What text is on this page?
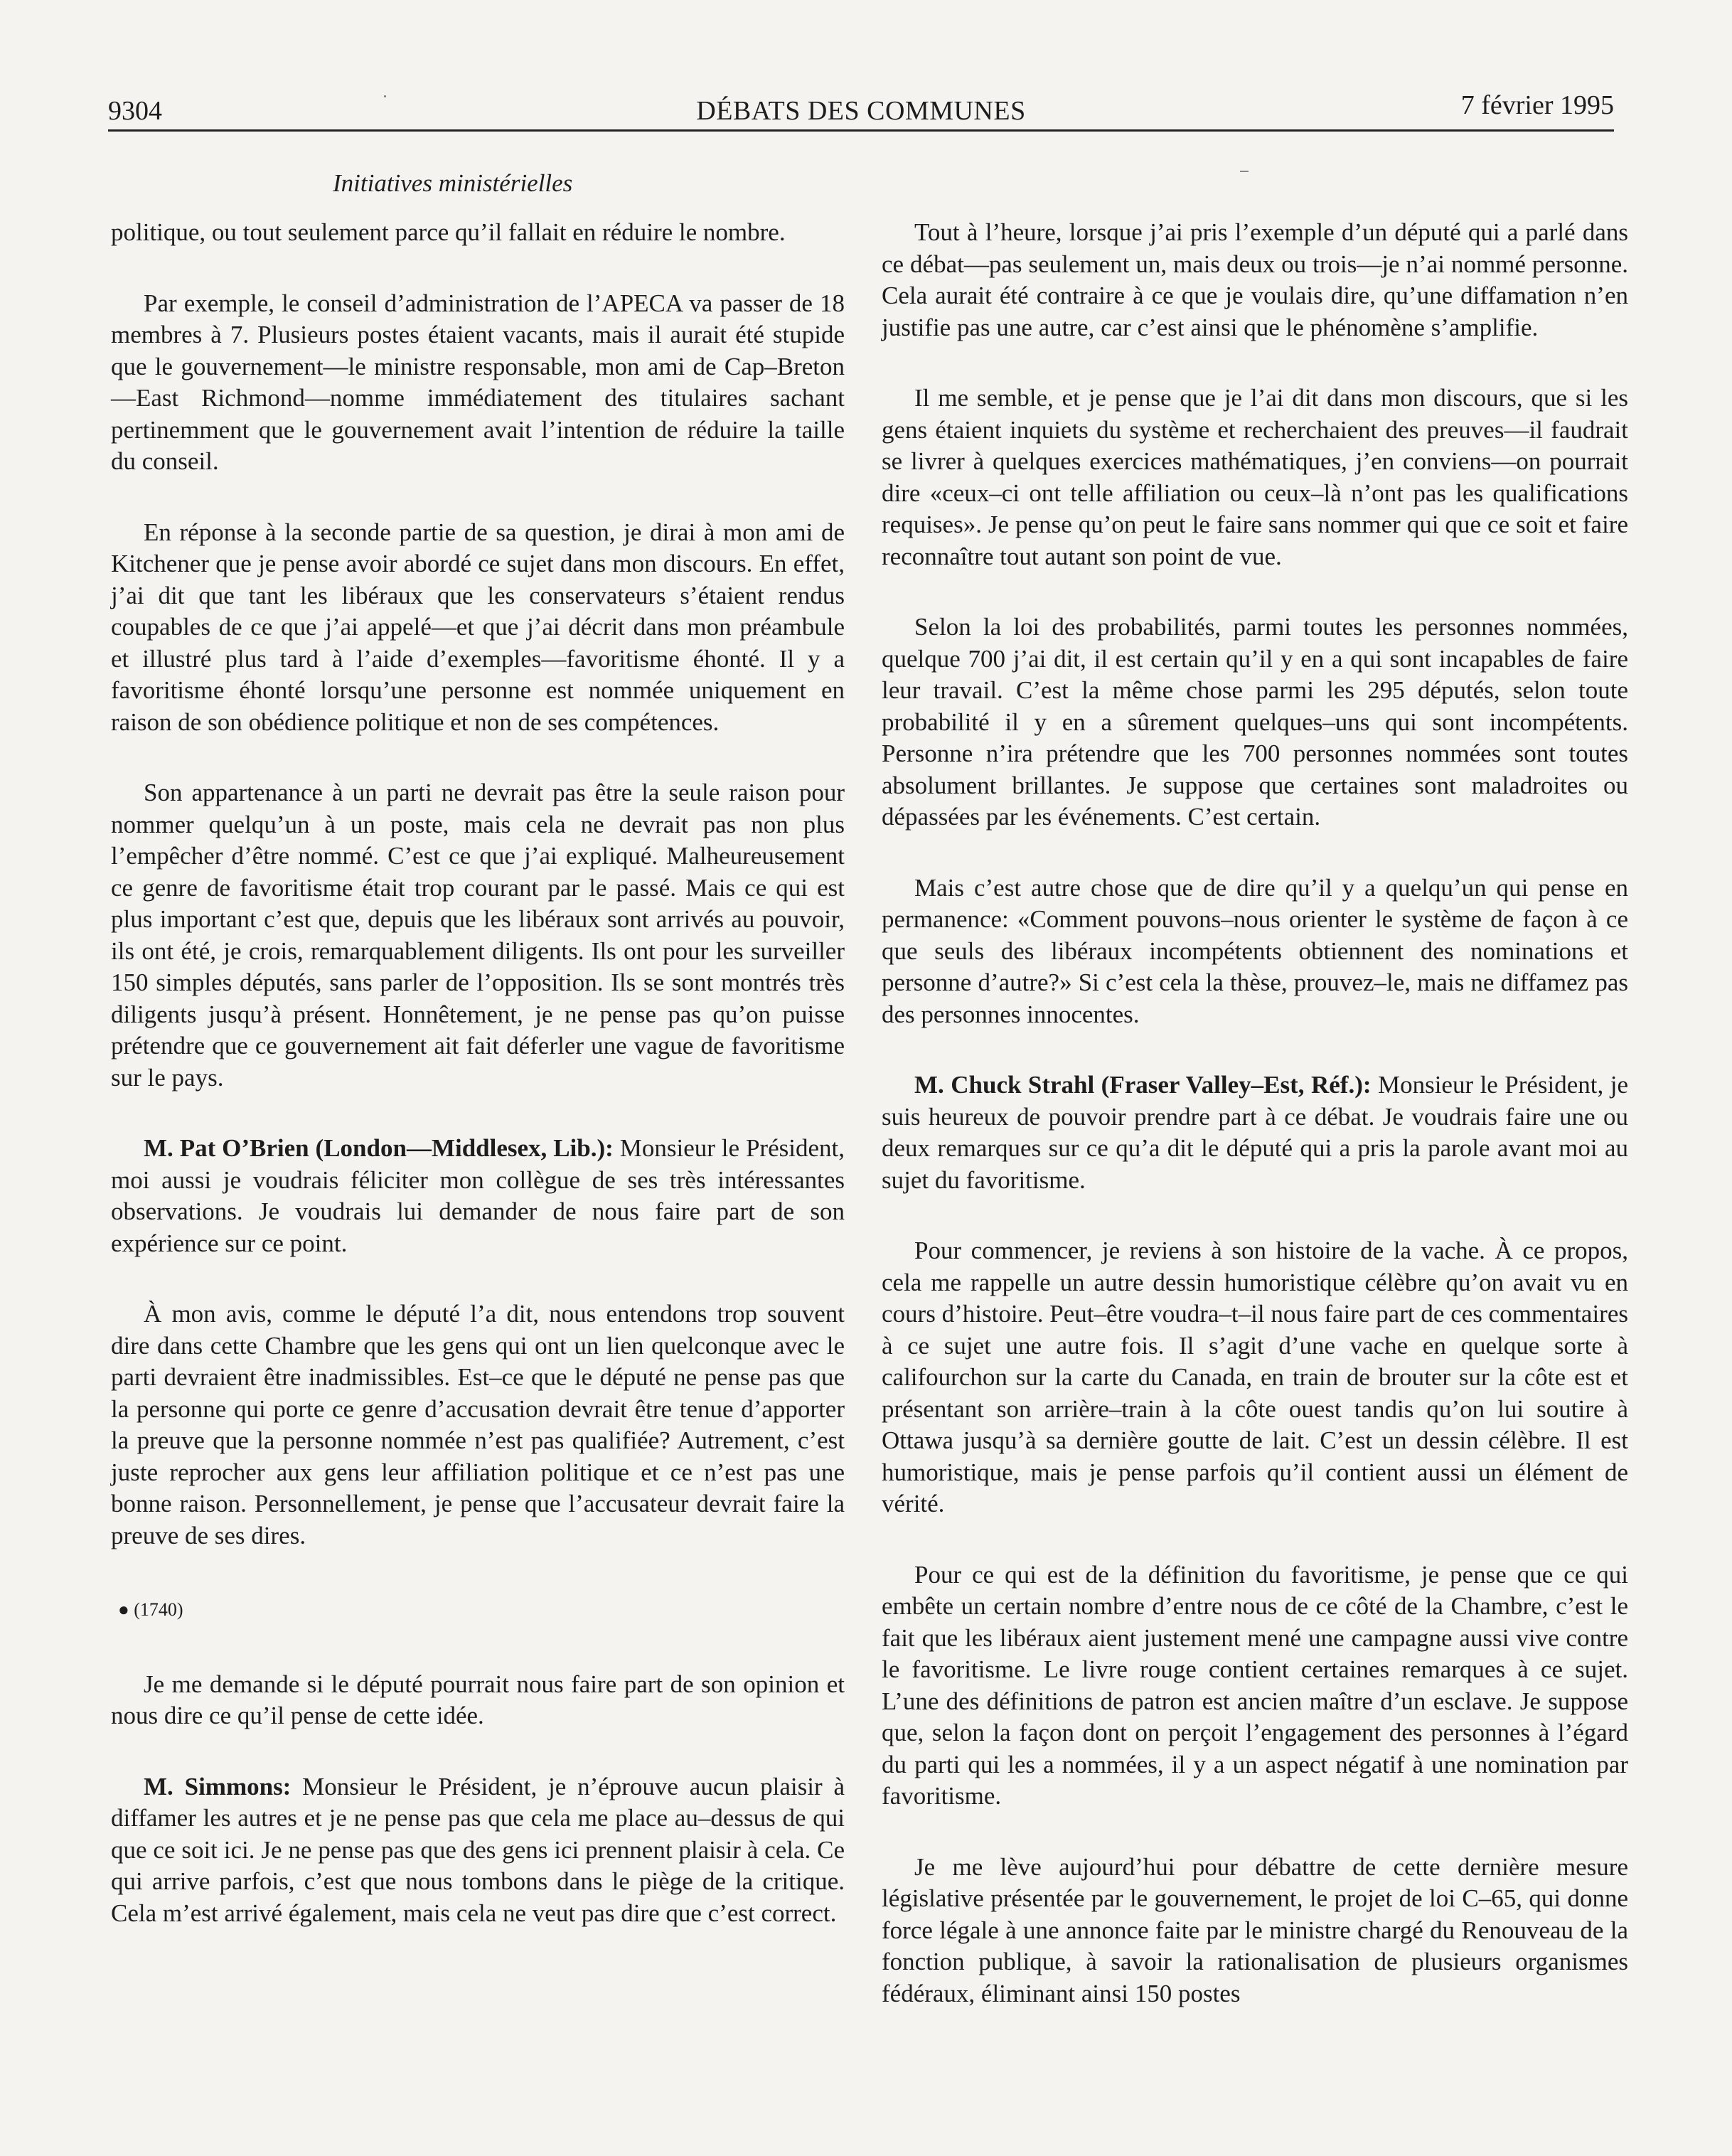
9304	DÉBATS DES COMMUNES	7 février 1995
Initiatives ministérielles

politique, ou tout seulement parce qu’il fallait en réduire le nombre.

Par exemple, le conseil d’administration de l’APECA va passer de 18 membres à 7. Plusieurs postes étaient vacants, mais il aurait été stupide que le gouvernement—le ministre responsable, mon ami de Cap–Breton—East Richmond—nomme immédiatement des titulaires sachant pertinemment que le gouvernement avait l’intention de réduire la taille du conseil.

En réponse à la seconde partie de sa question, je dirai à mon ami de Kitchener que je pense avoir abordé ce sujet dans mon discours. En effet, j’ai dit que tant les libéraux que les conservateurs s’étaient rendus coupables de ce que j’ai appelé—et que j’ai décrit dans mon préambule et illustré plus tard à l’aide d’exemples—favoritisme éhonté. Il y a favoritisme éhonté lorsqu’une personne est nommée uniquement en raison de son obédience politique et non de ses compétences.

Son appartenance à un parti ne devrait pas être la seule raison pour nommer quelqu’un à un poste, mais cela ne devrait pas non plus l’empêcher d’être nommé. C’est ce que j’ai expliqué. Malheureusement ce genre de favoritisme était trop courant par le passé. Mais ce qui est plus important c’est que, depuis que les libéraux sont arrivés au pouvoir, ils ont été, je crois, remarquablement diligents. Ils ont pour les surveiller 150 simples députés, sans parler de l’opposition. Ils se sont montrés très diligents jusqu’à présent. Honnêtement, je ne pense pas qu’on puisse prétendre que ce gouvernement ait fait déferler une vague de favoritisme sur le pays.

M. Pat O’Brien (London—Middlesex, Lib.): Monsieur le Président, moi aussi je voudrais féliciter mon collègue de ses très intéressantes observations. Je voudrais lui demander de nous faire part de son expérience sur ce point.

À mon avis, comme le député l’a dit, nous entendons trop souvent dire dans cette Chambre que les gens qui ont un lien quelconque avec le parti devraient être inadmissibles. Est–ce que le député ne pense pas que la personne qui porte ce genre d’accusation devrait être tenue d’apporter la preuve que la personne nommée n’est pas qualifiée? Autrement, c’est juste reprocher aux gens leur affiliation politique et ce n’est pas une bonne raison. Personnellement, je pense que l’accusateur devrait faire la preuve de ses dires.

● (1740)

Je me demande si le député pourrait nous faire part de son opinion et nous dire ce qu’il pense de cette idée.

M. Simmons: Monsieur le Président, je n’éprouve aucun plaisir à diffamer les autres et je ne pense pas que cela me place au–dessus de qui que ce soit ici. Je ne pense pas que des gens ici prennent plaisir à cela. Ce qui arrive parfois, c’est que nous tombons dans le piège de la critique. Cela m’est arrivé également, mais cela ne veut pas dire que c’est correct.

Tout à l’heure, lorsque j’ai pris l’exemple d’un député qui a parlé dans ce débat—pas seulement un, mais deux ou trois—je n’ai nommé personne. Cela aurait été contraire à ce que je voulais dire, qu’une diffamation n’en justifie pas une autre, car c’est ainsi que le phénomène s’amplifie.

Il me semble, et je pense que je l’ai dit dans mon discours, que si les gens étaient inquiets du système et recherchaient des preuves—il faudrait se livrer à quelques exercices mathématiques, j’en conviens—on pourrait dire «ceux–ci ont telle affiliation ou ceux–là n’ont pas les qualifications requises». Je pense qu’on peut le faire sans nommer qui que ce soit et faire reconnaître tout autant son point de vue.

Selon la loi des probabilités, parmi toutes les personnes nommées, quelque 700 j’ai dit, il est certain qu’il y en a qui sont incapables de faire leur travail. C’est la même chose parmi les 295 députés, selon toute probabilité il y en a sûrement quelques–uns qui sont incompétents. Personne n’ira prétendre que les 700 personnes nommées sont toutes absolument brillantes. Je suppose que certaines sont maladroites ou dépassées par les événements. C’est certain.

Mais c’est autre chose que de dire qu’il y a quelqu’un qui pense en permanence: «Comment pouvons–nous orienter le système de façon à ce que seuls des libéraux incompétents obtiennent des nominations et personne d’autre?» Si c’est cela la thèse, prouvez–le, mais ne diffamez pas des personnes innocentes.

M. Chuck Strahl (Fraser Valley–Est, Réf.): Monsieur le Président, je suis heureux de pouvoir prendre part à ce débat. Je voudrais faire une ou deux remarques sur ce qu’a dit le député qui a pris la parole avant moi au sujet du favoritisme.

Pour commencer, je reviens à son histoire de la vache. À ce propos, cela me rappelle un autre dessin humoristique célèbre qu’on avait vu en cours d’histoire. Peut–être voudra–t–il nous faire part de ces commentaires à ce sujet une autre fois. Il s’agit d’une vache en quelque sorte à califourchon sur la carte du Canada, en train de brouter sur la côte est et présentant son arrière–train à la côte ouest tandis qu’on lui soutire à Ottawa jusqu’à sa dernière goutte de lait. C’est un dessin célèbre. Il est humoristique, mais je pense parfois qu’il contient aussi un élément de vérité.

Pour ce qui est de la définition du favoritisme, je pense que ce qui embête un certain nombre d’entre nous de ce côté de la Chambre, c’est le fait que les libéraux aient justement mené une campagne aussi vive contre le favoritisme. Le livre rouge contient certaines remarques à ce sujet. L’une des définitions de patron est ancien maître d’un esclave. Je suppose que, selon la façon dont on perçoit l’engagement des personnes à l’égard du parti qui les a nommées, il y a un aspect négatif à une nomination par favoritisme.

Je me lève aujourd’hui pour débattre de cette dernière mesure législative présentée par le gouvernement, le projet de loi C–65, qui donne force légale à une annonce faite par le ministre chargé du Renouveau de la fonction publique, à savoir la rationalisation de plusieurs organismes fédéraux, éliminant ainsi 150 postes
